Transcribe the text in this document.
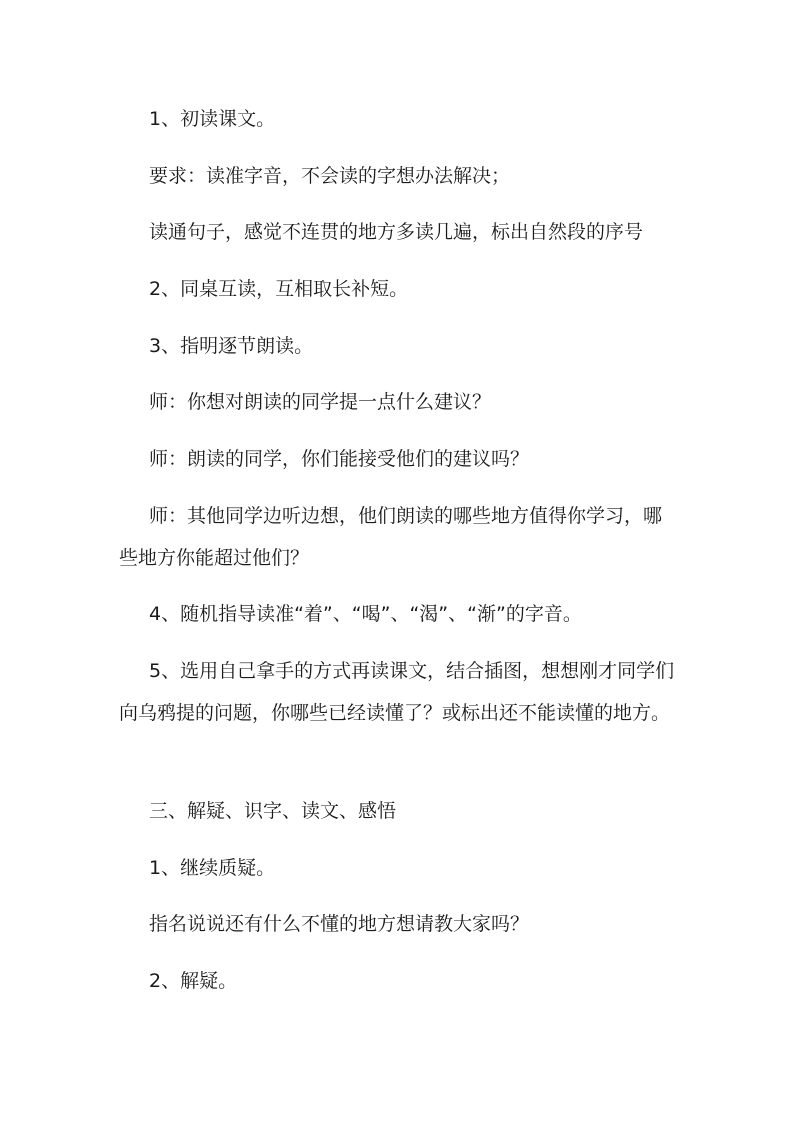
1、初读课文。

要求：读准字音，不会读的字想办法解决；

读通句子，感觉不连贯的地方多读几遍，标出自然段的序号

2、同桌互读，互相取长补短。

3、指明逐节朗读。

师：你想对朗读的同学提一点什么建议？

师：朗读的同学，你们能接受他们的建议吗？

师：其他同学边听边想，他们朗读的哪些地方值得你学习，哪些地方你能超过他们？

4、随机指导读准“着”、“喝”、“渴”、“渐”的字音。

5、选用自己拿手的方式再读课文，结合插图，想想刚才同学们向乌鸦提的问题，你哪些已经读懂了？或标出还不能读懂的地方。

三、解疑、识字、读文、感悟

1、继续质疑。

指名说说还有什么不懂的地方想请教大家吗？

2、解疑。
